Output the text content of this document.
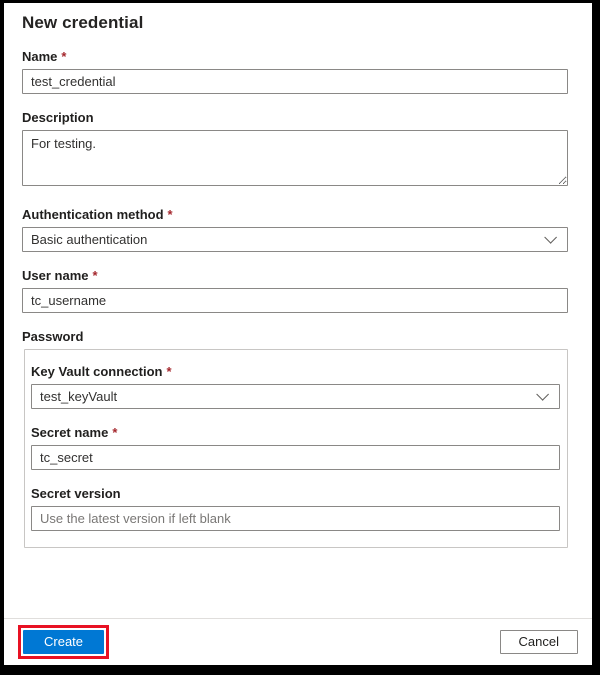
New credential
Name *
test_credential
Description
For testing.
Authentication method *
Basic authentication
User name *
tc_username
Password
Key Vault connection *
test_keyVault
Secret name *
tc_secret
Secret version
Use the latest version if left blank
Create	Cancel
